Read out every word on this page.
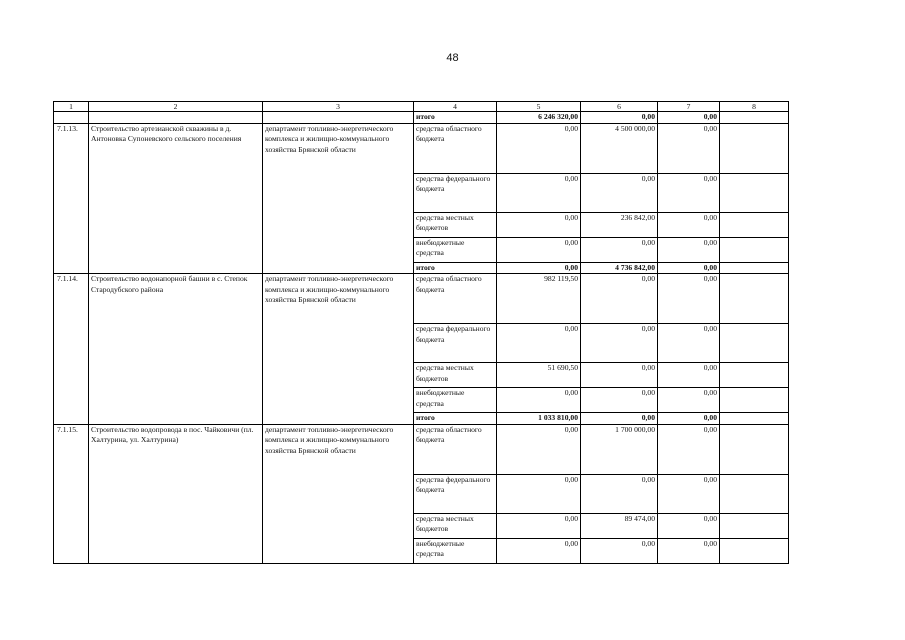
48
1	2	3	4	5	6	7	8
			итого	6 246 320,00	0,00	0,00	
7.1.13.	Строительство артезианской скважины в д. Антоновка Супоневского сельского поселения	департамент топливно-энергетического комплекса и жилищно-коммунального хозяйства Брянской области	средства областного бюджета	0,00	4 500 000,00	0,00	
			средства федерального бюджета	0,00	0,00	0,00	
			средства местных бюджетов	0,00	236 842,00	0,00	
			внебюджетные средства	0,00	0,00	0,00	
			итого	0,00	4 736 842,00	0,00	
7.1.14.	Строительство водонапорной башни в с. Степок Стародубского района	департамент топливно-энергетического комплекса и жилищно-коммунального хозяйства Брянской области	средства областного бюджета	982 119,50	0,00	0,00	
			средства федерального бюджета	0,00	0,00	0,00	
			средства местных бюджетов	51 690,50	0,00	0,00	
			внебюджетные средства	0,00	0,00	0,00	
			итого	1 033 810,00	0,00	0,00	
7.1.15.	Строительство водопровода в пос. Чайковичи (пл. Халтурина, ул. Халтурина)	департамент топливно-энергетического комплекса и жилищно-коммунального хозяйства Брянской области	средства областного бюджета	0,00	1 700 000,00	0,00	
			средства федерального бюджета	0,00	0,00	0,00	
			средства местных бюджетов	0,00	89 474,00	0,00	
			внебюджетные средства	0,00	0,00	0,00	
